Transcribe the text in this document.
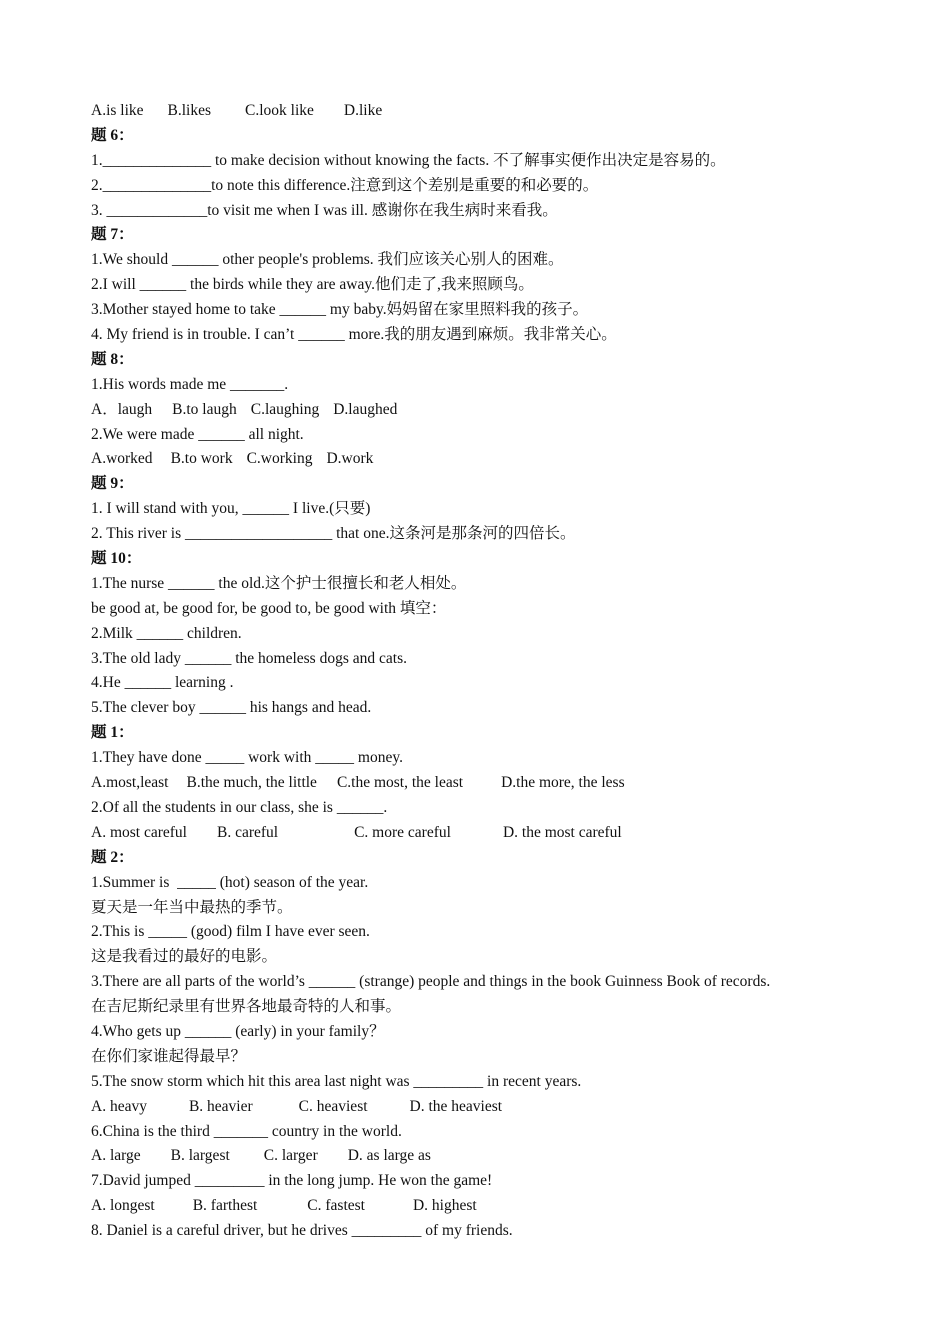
A.is like B.likes C.look like D.like
题 6：
1.______________ to make decision without knowing the facts. 不了解事实便作出决定是容易的。
2.______________to note this difference.注意到这个差别是重要的和必要的。
3. _____________to visit me when I was ill. 感谢你在我生病时来看我。
题 7：
1.We should ______ other people's problems. 我们应该关心别人的困难。
2.I will ______ the birds while they are away.他们走了,我来照顾鸟。
3.Mother stayed home to take ______ my baby.妈妈留在家里照料我的孩子。
4. My friend is in trouble. I can’t ______ more.我的朋友遇到麻烦。我非常关心。
题 8：
1.His words made me _______.
A．laugh B.to laugh C.laughing D.laughed
2.We were made ______ all night.
A.worked B.to work C.working D.work
题 9：
1. I will stand with you, ______ I live.(只要)
2. This river is ___________________ that one.这条河是那条河的四倍长。
题 10：
1.The nurse ______ the old.这个护士很擅长和老人相处。
be good at, be good for, be good to, be good with 填空：
2.Milk ______ children.
3.The old lady ______ the homeless dogs and cats.
4.He ______ learning .
5.The clever boy ______ his hangs and head.
题 1：
1.They have done _____ work with _____ money.
A.most,least B.the much, the little C.the most, the least D.the more, the less
2.Of all the students in our class, she is ______.
A. most careful B. careful	C. more careful	D. the most careful
题 2：
1.Summer is  _____ (hot) season of the year.
夏天是一年当中最热的季节。
2.This is _____ (good) film I have ever seen.
这是我看过的最好的电影。
3.There are all parts of the world’s ______ (strange) people and things in the book Guinness Book of records.
在吉尼斯纪录里有世界各地最奇特的人和事。
4.Who gets up ______ (early) in your family？
在你们家谁起得最早？
5.The snow storm which hit this area last night was _________ in recent years.
A. heavy	B. heavier	C. heaviest	D. the heaviest
6.China is the third _______ country in the world.
A. large B. largest C. larger D. as large as
7.David jumped _________ in the long jump. He won the game!
A. longest B. farthest	C. fastest	D. highest
8. Daniel is a careful driver, but he drives _________ of my friends.
